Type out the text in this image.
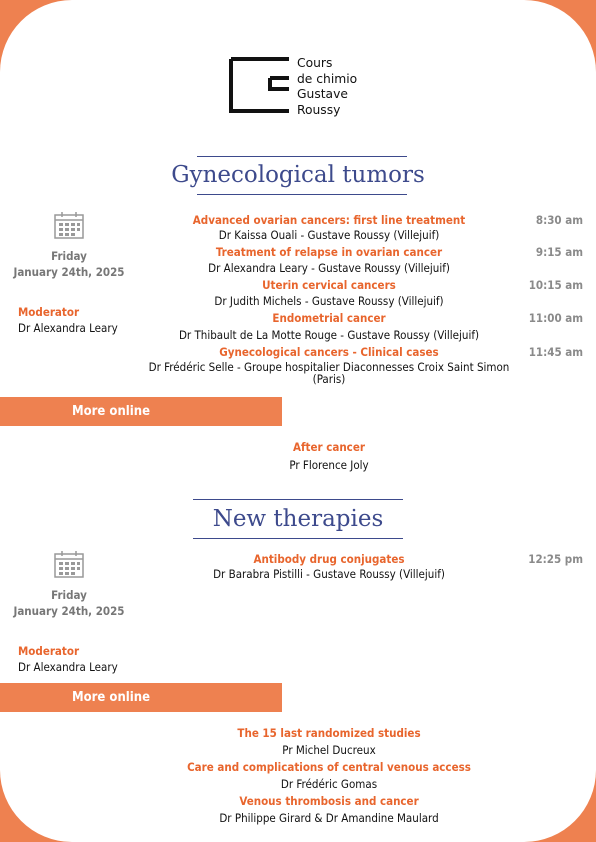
Cours
de chimio
Gustave
Roussy
Gynecological tumors
Friday
January 24th, 2025
Moderator
Dr Alexandra Leary
Advanced ovarian cancers: first line treatment
Dr Kaissa Ouali - Gustave Roussy (Villejuif)
8:30 am
Treatment of relapse in ovarian cancer
Dr Alexandra Leary - Gustave Roussy (Villejuif)
9:15 am
Uterin cervical cancers
Dr Judith Michels - Gustave Roussy (Villejuif)
10:15 am
Endometrial cancer
Dr Thibault de La Motte Rouge - Gustave Roussy (Villejuif)
11:00 am
Gynecological cancers - Clinical cases
Dr Frédéric Selle - Groupe hospitalier Diaconnesses Croix Saint Simon (Paris)
11:45 am
New therapies
Friday
January 24th, 2025
Moderator
Dr Alexandra Leary
Antibody drug conjugates
Dr Barabra Pistilli - Gustave Roussy (Villejuif)
12:25 pm
After cancer
Pr Florence Joly
The 15 last randomized studies
Pr Michel Ducreux
Care and complications of central venous access
Dr Frédéric Gomas
Venous thrombosis and cancer
Dr Philippe Girard & Dr Amandine Maulard
More online
More online
9
